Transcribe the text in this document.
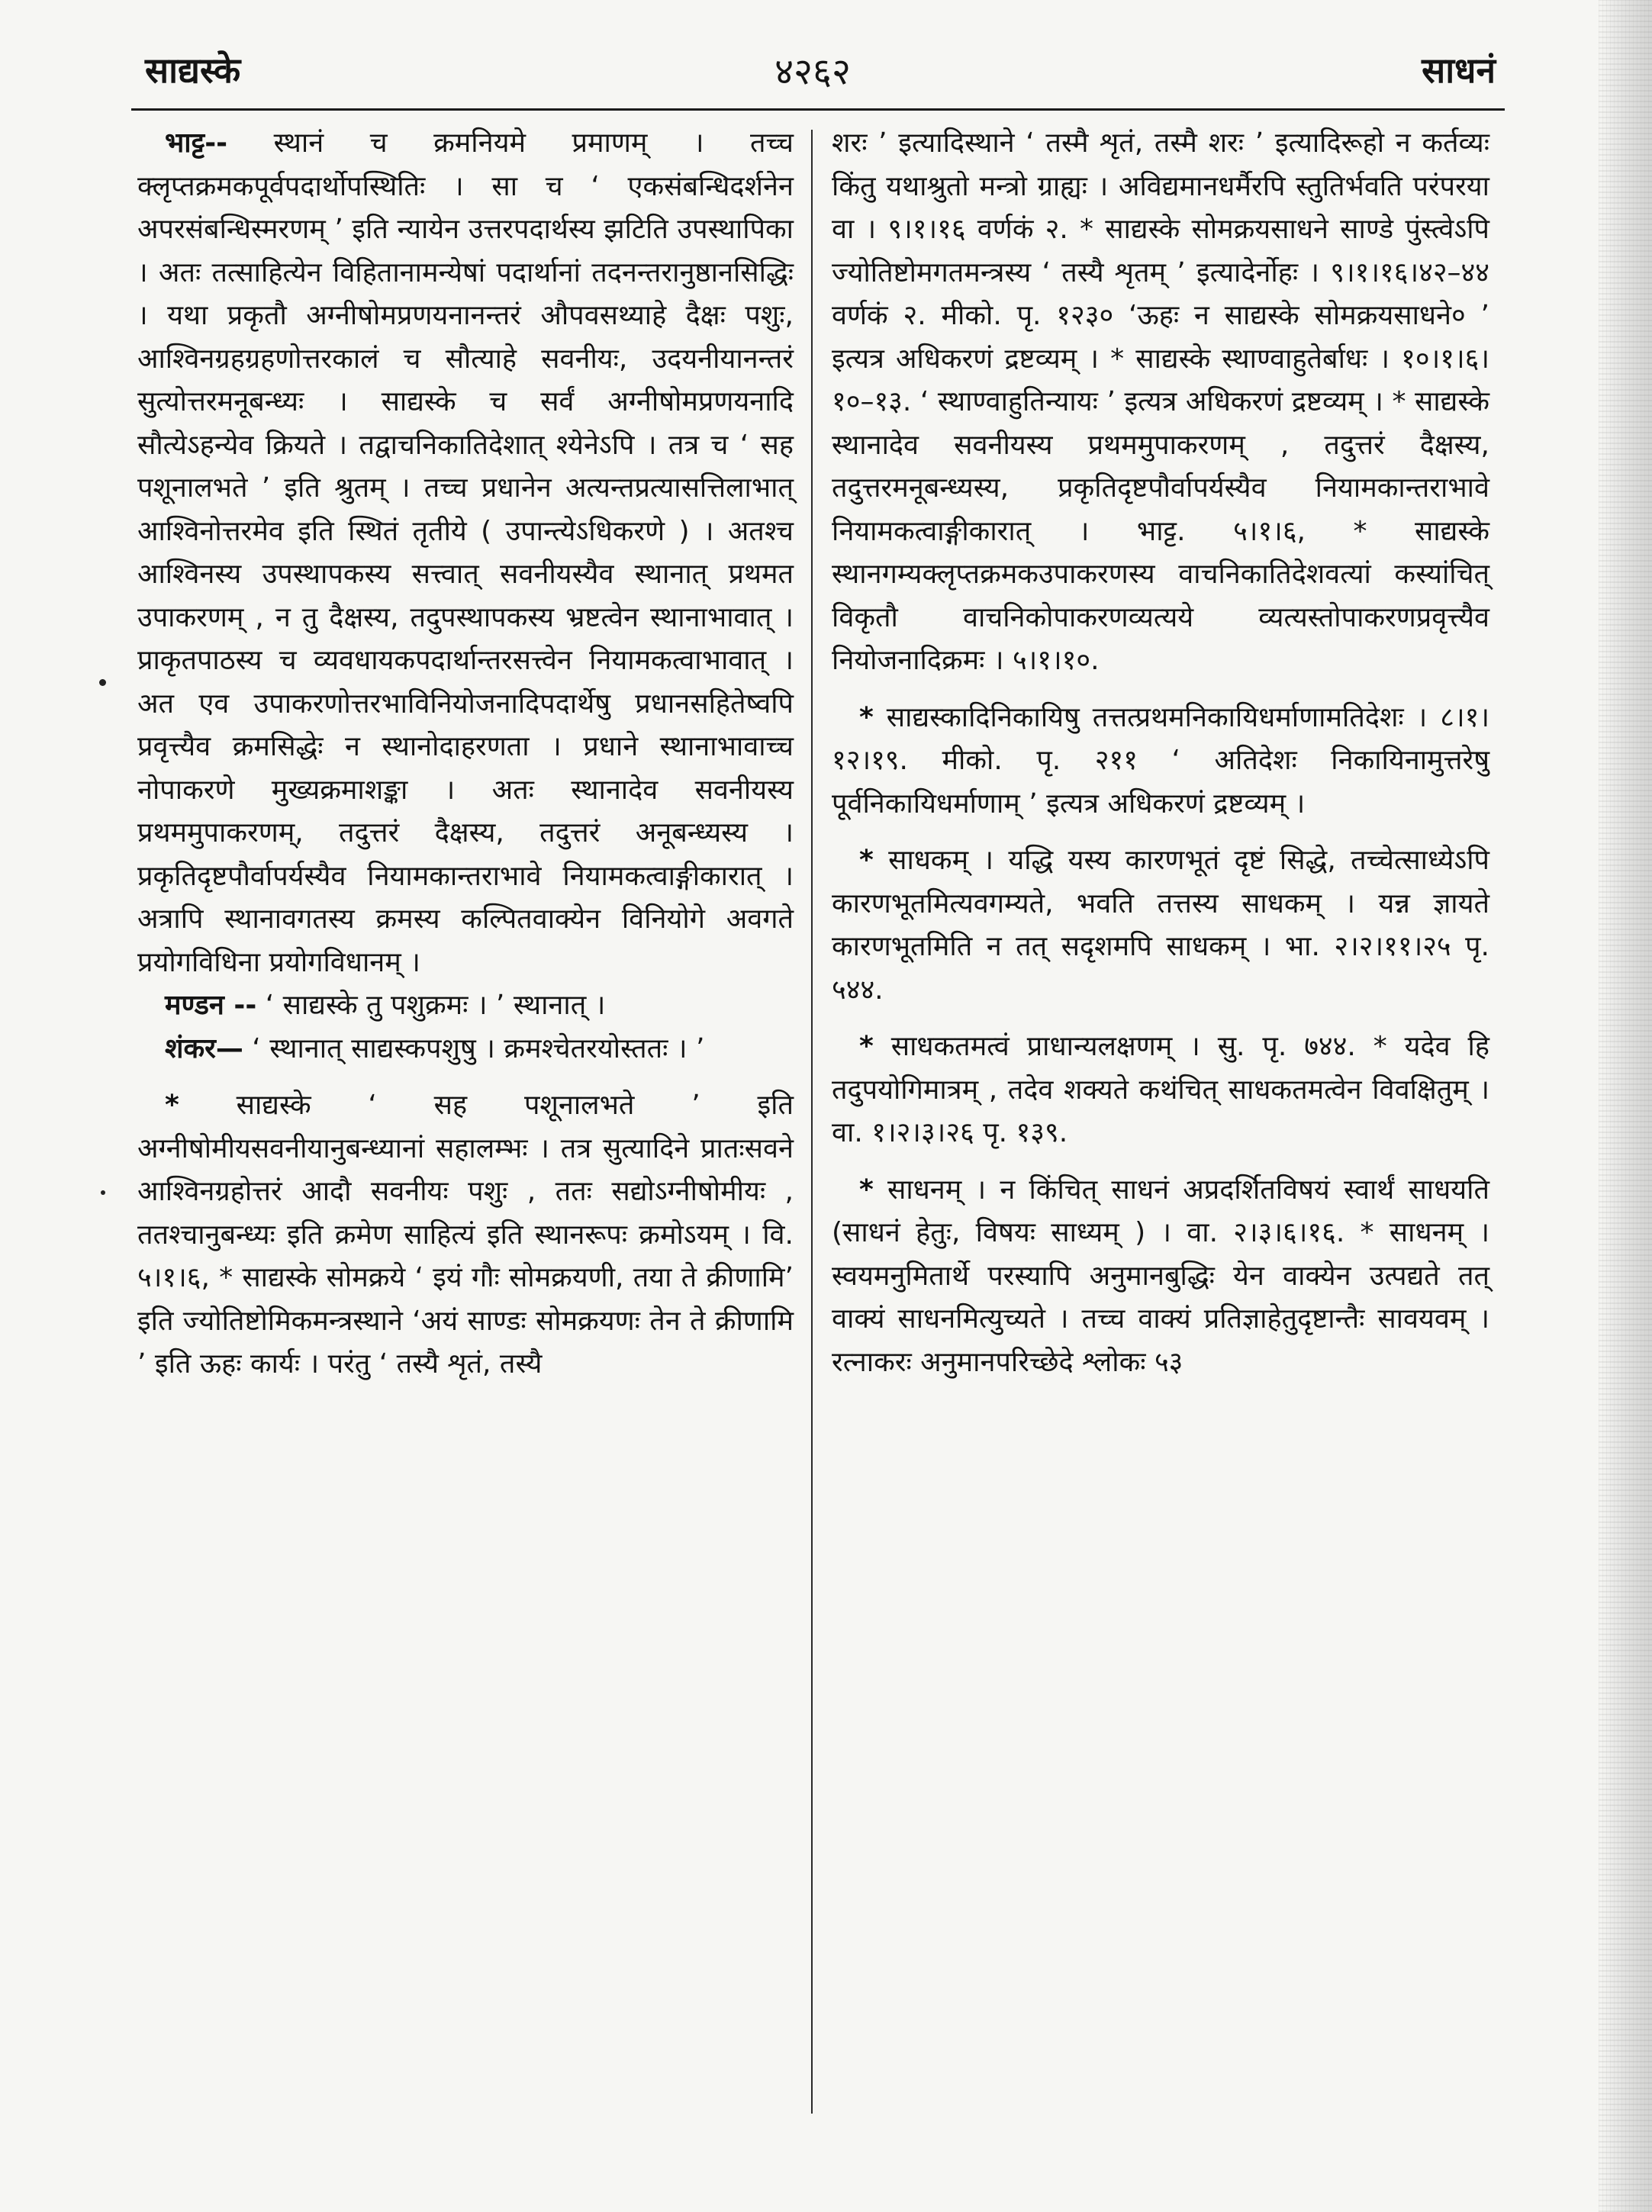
४२६२
साद्यस्के	साधनं

भाट्ट-- स्थानं च क्रमनियमे प्रमाणम् । तच्च क्लृप्तक्रमकपूर्वपदार्थोपस्थितिः । सा च ‘ एकसंबन्धिदर्शनेन अपरसंबन्धिस्मरणम् ’ इति न्यायेन उत्तरपदार्थस्य झटिति उपस्थापिका । अतः तत्साहित्येन विहितानामन्येषां पदार्थानां तदनन्तरानुष्ठानसिद्धिः । यथा प्रकृतौ अग्नीषोमप्रणयनानन्तरं औपवसथ्याहे दैक्षः पशुः, आश्विनग्रहग्रहणोत्तरकालं च सौत्याहे सवनीयः, उदयनीयानन्तरं सुत्योत्तरमनूबन्ध्यः । साद्यस्के च सर्वं अग्नीषोमप्रणयनादि सौत्येऽहन्येव क्रियते । तद्वाचनिकातिदेशात् श्येनेऽपि । तत्र च ‘ सह पशूनालभते ’ इति श्रुतम् । तच्च प्रधानेन अत्यन्तप्रत्यासत्तिलाभात् आश्विनोत्तरमेव इति स्थितं तृतीये ( उपान्त्येऽधिकरणे ) । अतश्च आश्विनस्य उपस्थापकस्य सत्त्वात् सवनीयस्यैव स्थानात् प्रथमत उपाकरणम् , न तु दैक्षस्य, तदुपस्थापकस्य भ्रष्टत्वेन स्थानाभावात् । प्राकृतपाठस्य च व्यवधायकपदार्थान्तरसत्त्वेन नियामकत्वाभावात् । अत एव उपाकरणोत्तरभाविनियोजनादिपदार्थेषु प्रधानसहितेष्वपि प्रवृत्त्यैव क्रमसिद्धेः न स्थानोदाहरणता । प्रधाने स्थानाभावाच्च नोपाकरणे मुख्यक्रमाशङ्का । अतः स्थानादेव सवनीयस्य प्रथममुपाकरणम्, तदुत्तरं दैक्षस्य, तदुत्तरं अनूबन्ध्यस्य । प्रकृतिदृष्टपौर्वापर्यस्यैव नियामकान्तराभावे नियामकत्वाङ्गीकारात् । अत्रापि स्थानावगतस्य क्रमस्य कल्पितवाक्येन विनियोगे अवगते प्रयोगविधिना प्रयोगविधानम् ।

मण्डन -- ‘ साद्यस्के तु पशुक्रमः । ’ स्थानात् ।

शंकर— ‘ स्थानात् साद्यस्कपशुषु । क्रमश्चेतरयोस्ततः । ’

* साद्यस्के ‘ सह पशूनालभते ’ इति अग्नीषोमीयसवनीयानुबन्ध्यानां सहालम्भः । तत्र सुत्यादिने प्रातःसवने आश्विनग्रहोत्तरं आदौ सवनीयः पशुः , ततः सद्योऽग्नीषोमीयः , ततश्चानुबन्ध्यः इति क्रमेण साहित्यं इति स्थानरूपः क्रमोऽयम् । वि. ५।१।६, * साद्यस्के सोमक्रये ‘ इयं गौः सोमक्रयणी, तया ते क्रीणामि’ इति ज्योतिष्टोमिकमन्त्रस्थाने ‘अयं साण्डः सोमक्रयणः तेन ते क्रीणामि ’ इति ऊहः कार्यः । परंतु ‘ तस्यै शृतं, तस्यै

शरः ’ इत्यादिस्थाने ‘ तस्मै शृतं, तस्मै शरः ’ इत्यादिरूहो न कर्तव्यः किंतु यथाश्रुतो मन्त्रो ग्राह्यः । अविद्यमानधर्मैरपि स्तुतिर्भवति परंपरया वा । ९।१।१६ वर्णकं २. * साद्यस्के सोमक्रयसाधने साण्डे पुंस्त्वेऽपि ज्योतिष्टोमगतमन्त्रस्य ‘ तस्यै शृतम् ’ इत्यादेर्नोहः । ९।१।१६।४२–४४ वर्णकं २. मीको. पृ. १२३० ‘ऊहः न साद्यस्के सोमक्रयसाधने० ’ इत्यत्र अधिकरणं द्रष्टव्यम् । * साद्यस्के स्थाण्वाहुतेर्बाधः । १०।१।६। १०–१३. ‘ स्थाण्वाहुतिन्यायः ’ इत्यत्र अधिकरणं द्रष्टव्यम् । * साद्यस्के स्थानादेव सवनीयस्य प्रथममुपाकरणम् , तदुत्तरं दैक्षस्य, तदुत्तरमनूबन्ध्यस्य, प्रकृतिदृष्टपौर्वापर्यस्यैव नियामकान्तराभावे नियामकत्वाङ्गीकारात् । भाट्ट. ५।१।६, * साद्यस्के स्थानगम्यक्लृप्तक्रमकउपाकरणस्य वाचनिकातिदेशवत्यां कस्यांचित् विकृतौ वाचनिकोपाकरणव्यत्यये व्यत्यस्तोपाकरणप्रवृत्त्यैव नियोजनादिक्रमः । ५।१।१०.

* साद्यस्कादिनिकायिषु तत्तत्प्रथमनिकायिधर्माणामतिदेशः । ८।१।१२।१९. मीको. पृ. २११ ‘ अतिदेशः निकायिनामुत्तरेषु पूर्वनिकायिधर्माणाम् ’ इत्यत्र अधिकरणं द्रष्टव्यम् ।

* साधकम् । यद्धि यस्य कारणभूतं दृष्टं सिद्धे, तच्चेत्साध्येऽपि कारणभूतमित्यवगम्यते, भवति तत्तस्य साधकम् । यन्न ज्ञायते कारणभूतमिति न तत् सदृशमपि साधकम् । भा. २।२।११।२५ पृ. ५४४.

* साधकतमत्वं प्राधान्यलक्षणम् । सु. पृ. ७४४. * यदेव हि तदुपयोगिमात्रम् , तदेव शक्यते कथंचित् साधकतमत्वेन विवक्षितुम् । वा. १।२।३।२६ पृ. १३९.

* साधनम् । न किंचित् साधनं अप्रदर्शितविषयं स्वार्थं साधयति (साधनं हेतुः, विषयः साध्यम् ) । वा. २।३।६।१६. * साधनम् । स्वयमनुमितार्थे परस्यापि अनुमानबुद्धिः येन वाक्येन उत्पद्यते तत् वाक्यं साधनमित्युच्यते । तच्च वाक्यं प्रतिज्ञाहेतुदृष्टान्तैः सावयवम् । रत्नाकरः अनुमानपरिच्छेदे श्लोकः ५३
